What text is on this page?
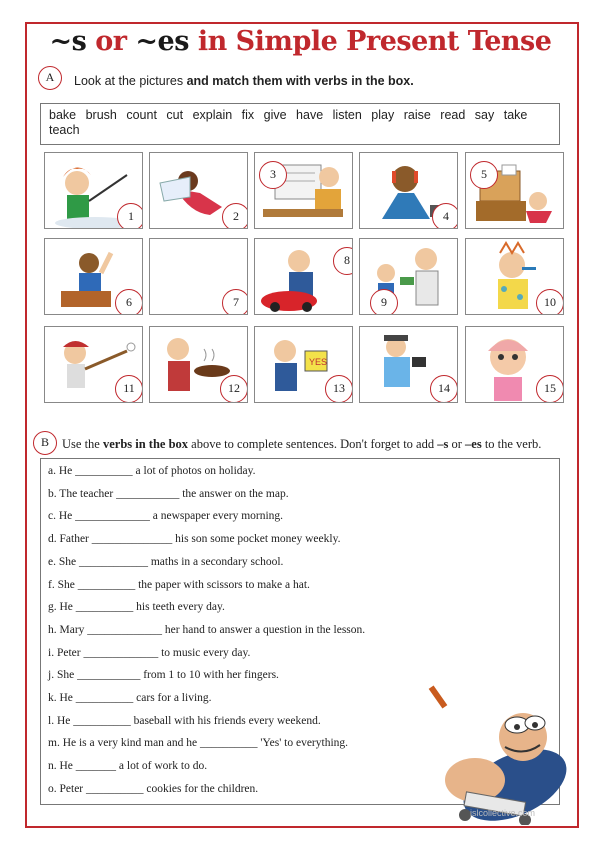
~s or ~es in Simple Present Tense
A	Look at the pictures and match them with verbs in the box.
bake brush count cut explain fix give have listen play raise read say take teach
1	2
3
4
5
6	7
8
9	10
11	12
YES
13	14	15
B	Use the verbs in the box above to complete sentences. Don't forget to add –s or –es to the verb.
a. He __________ a lot of photos on holiday.
b. The teacher ___________ the answer on the map.
c. He _____________ a newspaper every morning.
d. Father ______________ his son some pocket money weekly.
e. She ____________ maths in a secondary school.
f. She __________ the paper with scissors to make a hat.
g. He __________ his teeth every day.
h. Mary _____________ her hand to answer a question in the lesson.
i. Peter _____________ to music every day.
j. She ___________ from 1 to 10 with her fingers.
k. He __________ cars for a living.
l. He __________ baseball with his friends every weekend.
m. He is a very kind man and he __________ 'Yes' to everything.
n. He _______ a lot of work to do.
o. Peter __________ cookies for the children.
islcollective.com
